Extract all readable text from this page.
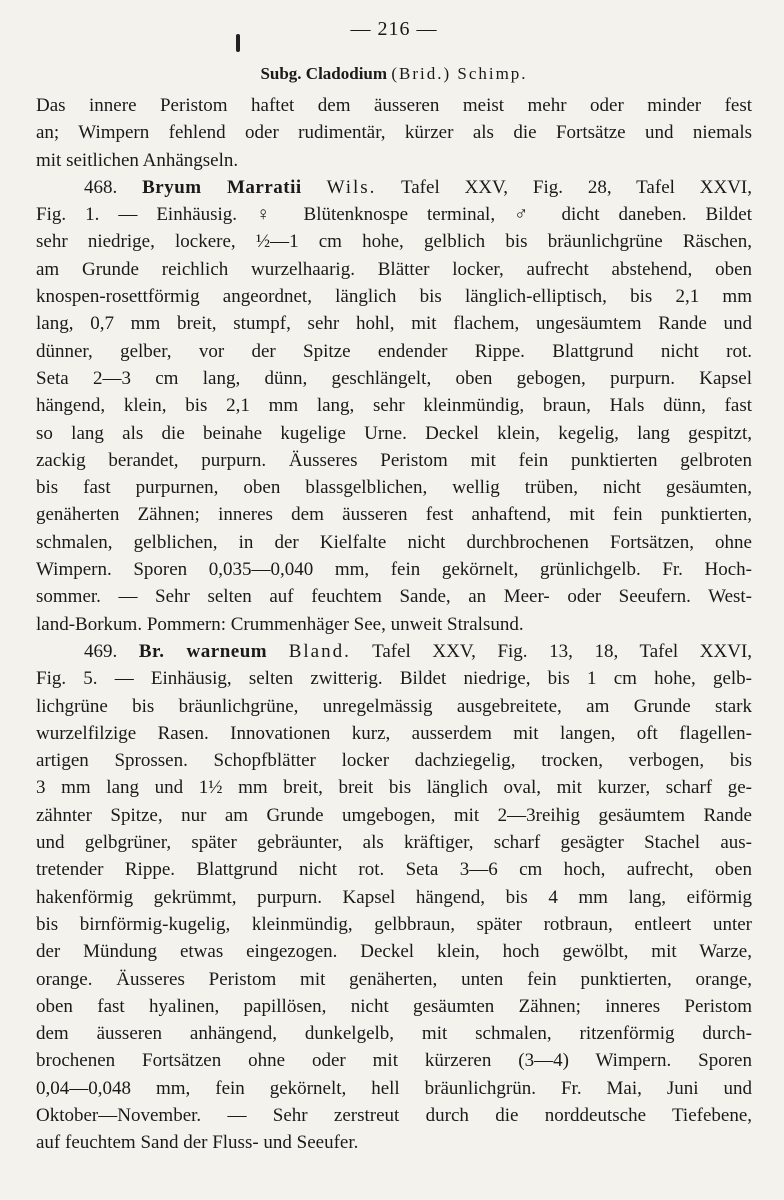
— 216 —
Subg. Cladodium (Brid.) Schimp.

Das innere Peristom haftet dem äusseren meist mehr oder minder fest
an; Wimpern fehlend oder rudimentär, kürzer als die Fortsätze und niemals
mit seitlichen Anhängseln.

468. Bryum Marratii Wils. Tafel XXV, Fig. 28, Tafel XXVI,
Fig. 1. — Einhäusig. ♀ Blütenknospe terminal, ♂ dicht daneben. Bildet
sehr niedrige, lockere, ½—1 cm hohe, gelblich bis bräunlichgrüne Räschen,
am Grunde reichlich wurzelhaarig. Blätter locker, aufrecht abstehend, oben
knospen-rosettförmig angeordnet, länglich bis länglich-elliptisch, bis 2,1 mm
lang, 0,7 mm breit, stumpf, sehr hohl, mit flachem, ungesäumtem Rande und
dünner, gelber, vor der Spitze endender Rippe. Blattgrund nicht rot.
Seta 2—3 cm lang, dünn, geschlängelt, oben gebogen, purpurn. Kapsel
hängend, klein, bis 2,1 mm lang, sehr kleinmündig, braun, Hals dünn, fast
so lang als die beinahe kugelige Urne. Deckel klein, kegelig, lang gespitzt,
zackig berandet, purpurn. Äusseres Peristom mit fein punktierten gelbroten
bis fast purpurnen, oben blassgelblichen, wellig trüben, nicht gesäumten,
genäherten Zähnen; inneres dem äusseren fest anhaftend, mit fein punktierten,
schmalen, gelblichen, in der Kielfalte nicht durchbrochenen Fortsätzen, ohne
Wimpern. Sporen 0,035—0,040 mm, fein gekörnelt, grünlichgelb. Fr. Hoch-
sommer. — Sehr selten auf feuchtem Sande, an Meer- oder Seeufern. West-
land-Borkum. Pommern: Crummenhäger See, unweit Stralsund.

469. Br. warneum Bland. Tafel XXV, Fig. 13, 18, Tafel XXVI,
Fig. 5. — Einhäusig, selten zwitterig. Bildet niedrige, bis 1 cm hohe, gelb-
lichgrüne bis bräunlichgrüne, unregelmässig ausgebreitete, am Grunde stark
wurzelfilzige Rasen. Innovationen kurz, ausserdem mit langen, oft flagellen-
artigen Sprossen. Schopfblätter locker dachziegelig, trocken, verbogen, bis
3 mm lang und 1½ mm breit, breit bis länglich oval, mit kurzer, scharf ge-
zähnter Spitze, nur am Grunde umgebogen, mit 2—3reihig gesäumtem Rande
und gelbgrüner, später gebräunter, als kräftiger, scharf gesägter Stachel aus-
tretender Rippe. Blattgrund nicht rot. Seta 3—6 cm hoch, aufrecht, oben
hakenförmig gekrümmt, purpurn. Kapsel hängend, bis 4 mm lang, eiförmig
bis birnförmig-kugelig, kleinmündig, gelbbraun, später rotbraun, entleert unter
der Mündung etwas eingezogen. Deckel klein, hoch gewölbt, mit Warze,
orange. Äusseres Peristom mit genäherten, unten fein punktierten, orange,
oben fast hyalinen, papillösen, nicht gesäumten Zähnen; inneres Peristom
dem äusseren anhängend, dunkelgelb, mit schmalen, ritzenförmig durch-
brochenen Fortsätzen ohne oder mit kürzeren (3—4) Wimpern. Sporen
0,04—0,048 mm, fein gekörnelt, hell bräunlichgrün. Fr. Mai, Juni und
Oktober—November. — Sehr zerstreut durch die norddeutsche Tiefebene,
auf feuchtem Sand der Fluss- und Seeufer.
